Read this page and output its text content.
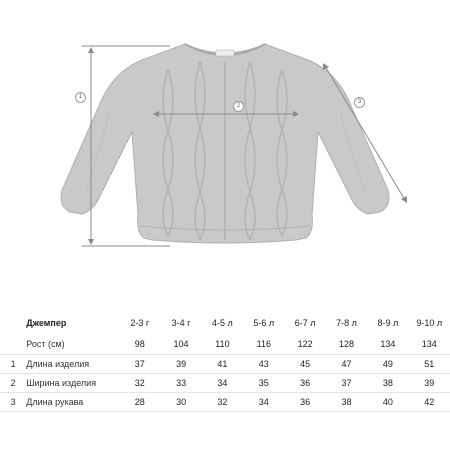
1
2
3
	Джемпер	2-3 г	3-4 г	4-5 л	5-6 л	6-7 л	7-8 л	8-9 л	9-10 л
	Рост (см)	98	104	110	116	122	128	134	134
1	Длина изделия	37	39	41	43	45	47	49	51
2	Ширина изделия	32	33	34	35	36	37	38	39
3	Длина рукава	28	30	32	34	36	38	40	42
